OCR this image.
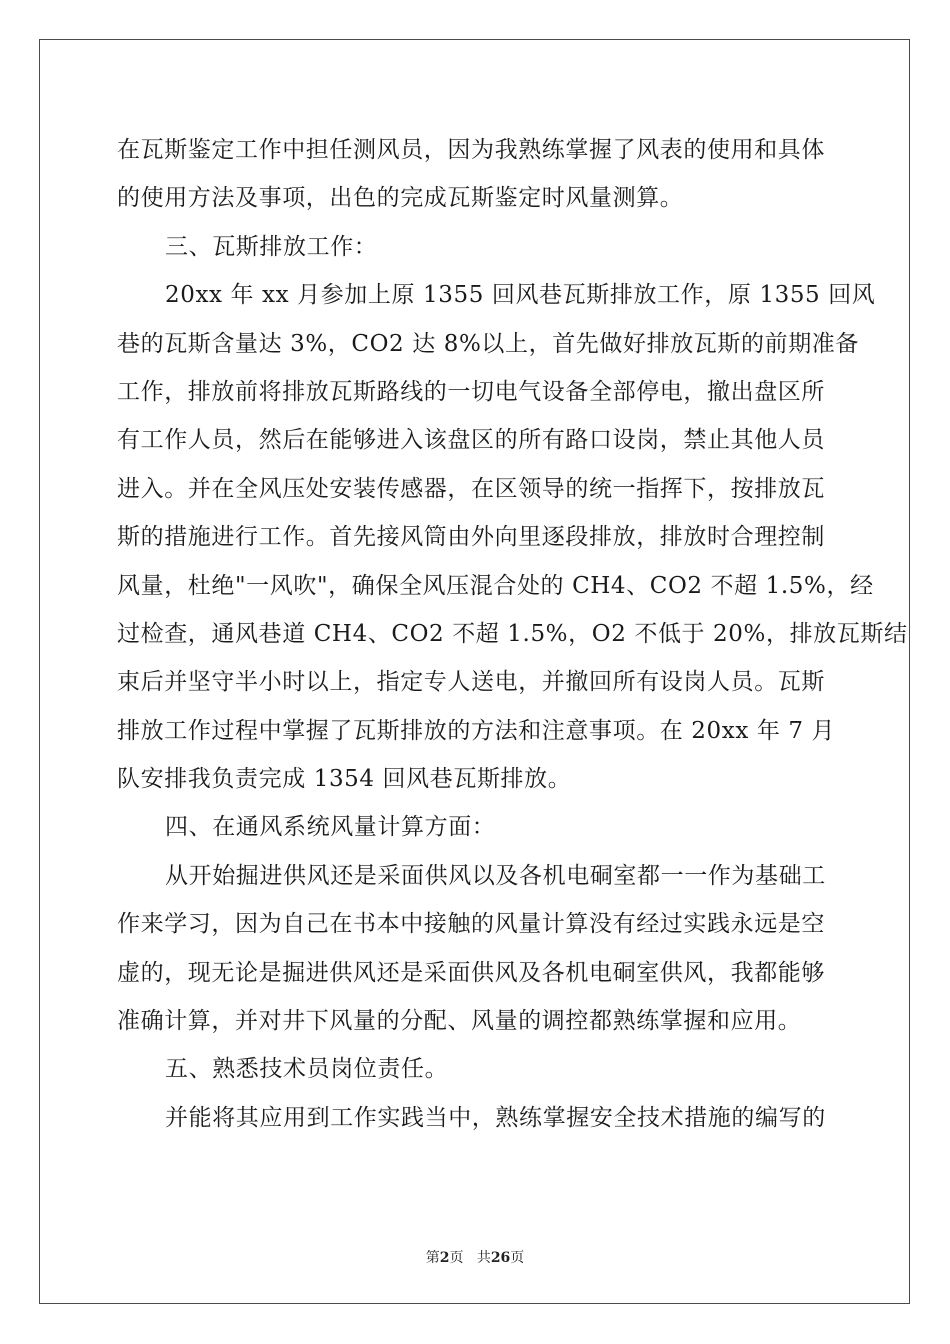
在瓦斯鉴定工作中担任测风员，因为我熟练掌握了风表的使用和具体
的使用方法及事项，出色的完成瓦斯鉴定时风量测算。
三、瓦斯排放工作：
20xx 年 xx 月参加上原 1355 回风巷瓦斯排放工作，原 1355 回风
巷的瓦斯含量达 3%，CO2 达 8%以上，首先做好排放瓦斯的前期准备
工作，排放前将排放瓦斯路线的一切电气设备全部停电，撤出盘区所
有工作人员，然后在能够进入该盘区的所有路口设岗，禁止其他人员
进入。并在全风压处安装传感器，在区领导的统一指挥下，按排放瓦
斯的措施进行工作。首先接风筒由外向里逐段排放，排放时合理控制
风量，杜绝"一风吹"，确保全风压混合处的 CH4、CO2 不超 1.5%，经
过检查，通风巷道 CH4、CO2 不超 1.5%，O2 不低于 20%，排放瓦斯结
束后并坚守半小时以上，指定专人送电，并撤回所有设岗人员。瓦斯
排放工作过程中掌握了瓦斯排放的方法和注意事项。在 20xx 年 7 月
队安排我负责完成 1354 回风巷瓦斯排放。
四、在通风系统风量计算方面：
从开始掘进供风还是采面供风以及各机电硐室都一一作为基础工
作来学习，因为自己在书本中接触的风量计算没有经过实践永远是空
虚的，现无论是掘进供风还是采面供风及各机电硐室供风，我都能够
准确计算，并对井下风量的分配、风量的调控都熟练掌握和应用。
五、熟悉技术员岗位责任。
并能将其应用到工作实践当中，熟练掌握安全技术措施的编写的
第2页 共26页
